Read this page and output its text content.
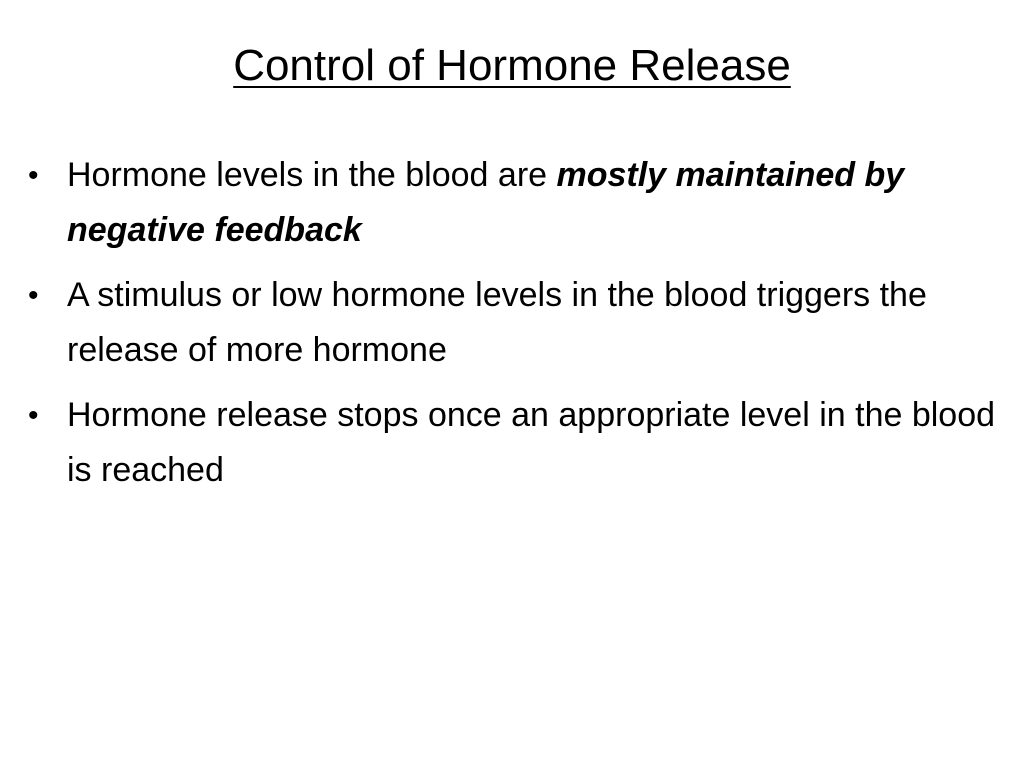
Control of Hormone Release
• Hormone levels in the blood are mostly maintained by negative feedback
• A stimulus or low hormone levels in the blood triggers the release of more hormone
• Hormone release stops once an appropriate level in the blood is reached
